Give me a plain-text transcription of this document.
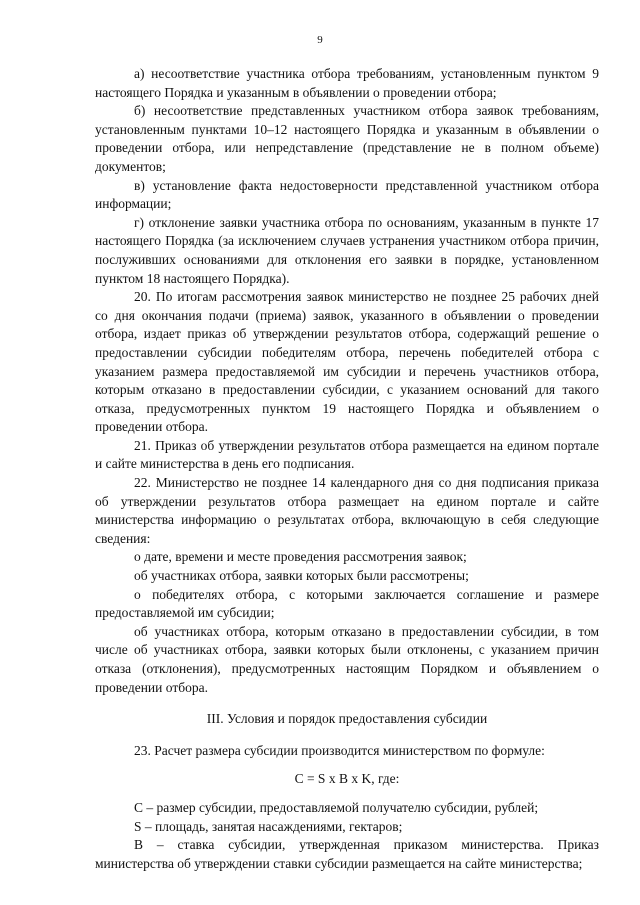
9

а) несоответствие участника отбора требованиям, установленным пунктом 9 настоящего Порядка и указанным в объявлении о проведении отбора;

б) несоответствие представленных участником отбора заявок требованиям, установленным пунктами 10–12 настоящего Порядка и указанным в объявлении о проведении отбора, или непредставление (представление не в полном объеме) документов;

в) установление факта недостоверности представленной участником отбора информации;

г) отклонение заявки участника отбора по основаниям, указанным в пункте 17 настоящего Порядка (за исключением случаев устранения участником отбора причин, послуживших основаниями для отклонения его заявки в порядке, установленном пунктом 18 настоящего Порядка).

20. По итогам рассмотрения заявок министерство не позднее 25 рабочих дней со дня окончания подачи (приема) заявок, указанного в объявлении о проведении отбора, издает приказ об утверждении результатов отбора, содержащий решение о предоставлении субсидии победителям отбора, перечень победителей отбора с указанием размера предоставляемой им субсидии и перечень участников отбора, которым отказано в предоставлении субсидии, с указанием оснований для такого отказа, предусмотренных пунктом 19 настоящего Порядка и объявлением о проведении отбора.

21. Приказ об утверждении результатов отбора размещается на едином портале и сайте министерства в день его подписания.

22. Министерство не позднее 14 календарного дня со дня подписания приказа об утверждении результатов отбора размещает на едином портале и сайте министерства информацию о результатах отбора, включающую в себя следующие сведения:

о дате, времени и месте проведения рассмотрения заявок;

об участниках отбора, заявки которых были рассмотрены;

о победителях отбора, с которыми заключается соглашение и размере предоставляемой им субсидии;

об участниках отбора, которым отказано в предоставлении субсидии, в том числе об участниках отбора, заявки которых были отклонены, с указанием причин отказа (отклонения), предусмотренных настоящим Порядком и объявлением о проведении отбора.

III. Условия и порядок предоставления субсидии

23. Расчет размера субсидии производится министерством по формуле:

C = S x B x K, где:

С – размер субсидии, предоставляемой получателю субсидии, рублей;

S – площадь, занятая насаждениями, гектаров;

В – ставка субсидии, утвержденная приказом министерства. Приказ министерства об утверждении ставки субсидии размещается на сайте министерства;
